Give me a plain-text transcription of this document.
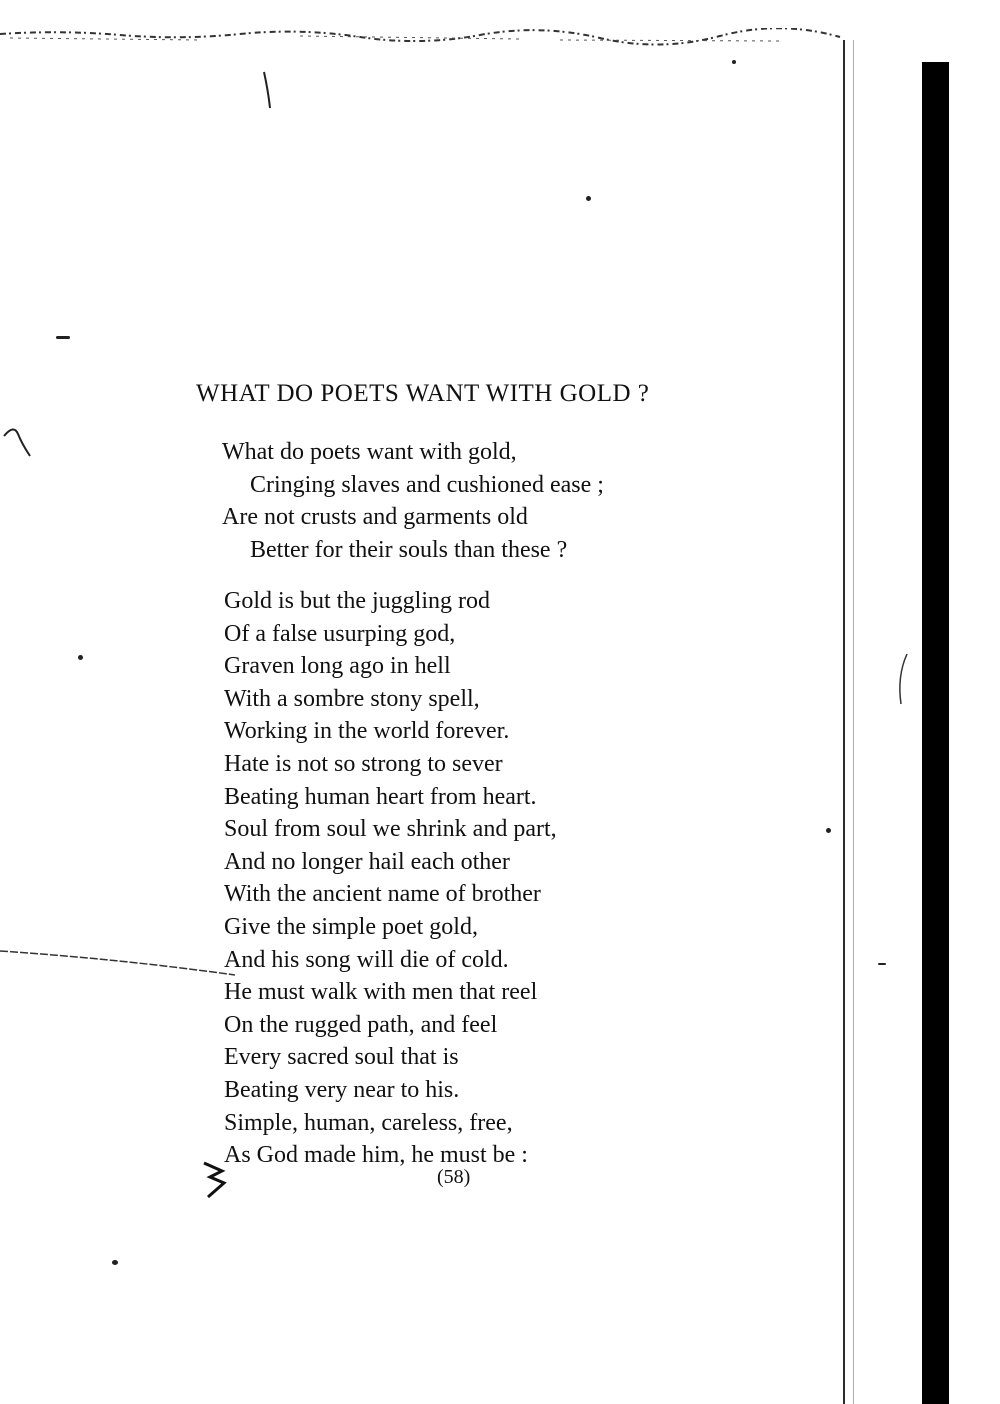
WHAT DO POETS WANT WITH GOLD ?
What do poets want with gold,
Cringing slaves and cushioned ease ;
Are not crusts and garments old
Better for their souls than these ?
Gold is but the juggling rod
Of a false usurping god,
Graven long ago in hell
With a sombre stony spell,
Working in the world forever.
Hate is not so strong to sever
Beating human heart from heart.
Soul from soul we shrink and part,
And no longer hail each other
With the ancient name of brother
Give the simple poet gold,
And his song will die of cold.
He must walk with men that reel
On the rugged path, and feel
Every sacred soul that is
Beating very near to his.
Simple, human, careless, free,
As God made him, he must be :
(58)
